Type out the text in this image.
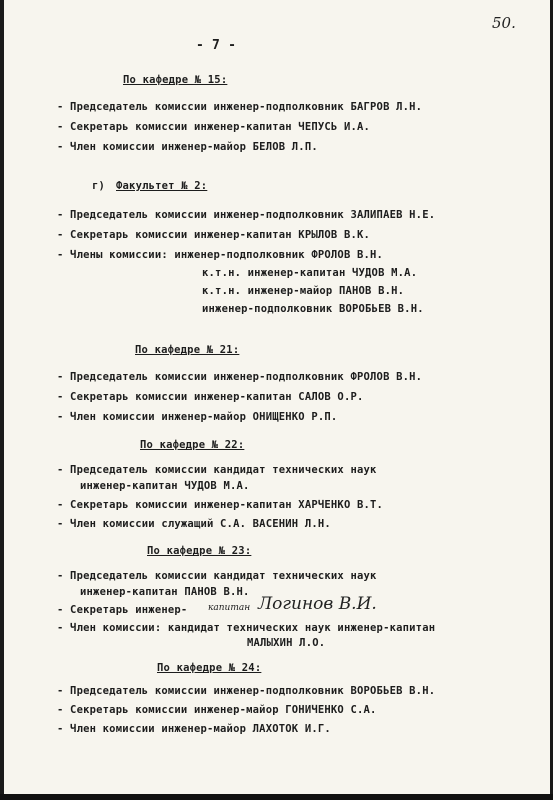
50.
- 7 -
По кафедре № 15:
- Председатель комиссии инженер-подполковник БАГРОВ Л.Н.
- Секретарь комиссии инженер-капитан ЧЕПУСЬ И.А.
- Член комиссии инженер-майор БЕЛОВ Л.П.
г) Факультет № 2:
- Председатель комиссии инженер-подполковник ЗАЛИПАЕВ Н.Е.
- Секретарь комиссии инженер-капитан КРЫЛОВ В.К.
- Члены комиссии: инженер-подполковник ФРОЛОВ В.Н.
к.т.н. инженер-капитан ЧУДОВ М.А.
к.т.н. инженер-майор ПАНОВ В.Н.
инженер-подполковник ВОРОБЬЕВ В.Н.
По кафедре № 21:
- Председатель комиссии инженер-подполковник ФРОЛОВ В.Н.
- Секретарь комиссии инженер-капитан САЛОВ О.Р.
- Член комиссии инженер-майор ОНИЩЕНКО Р.П.
По кафедре № 22:
- Председатель комиссии кандидат технических наук
инженер-капитан ЧУДОВ М.А.
- Секретарь комиссии инженер-капитан ХАРЧЕНКО В.Т.
- Член комиссии служащий С.А. ВАСЕНИН Л.Н.
По кафедре № 23:
- Председатель комиссии кандидат технических наук
инженер-капитан ПАНОВ В.Н.
- Секретарь инженер- капитан Логинов В.И.
- Член комиссии: кандидат технических наук инженер-капитан
МАЛЫХИН Л.О.
По кафедре № 24:
- Председатель комиссии инженер-подполковник ВОРОБЬЕВ В.Н.
- Секретарь комиссии инженер-майор ГОНИЧЕНКО С.А.
- Член комиссии инженер-майор ЛАХОТОК И.Г.
